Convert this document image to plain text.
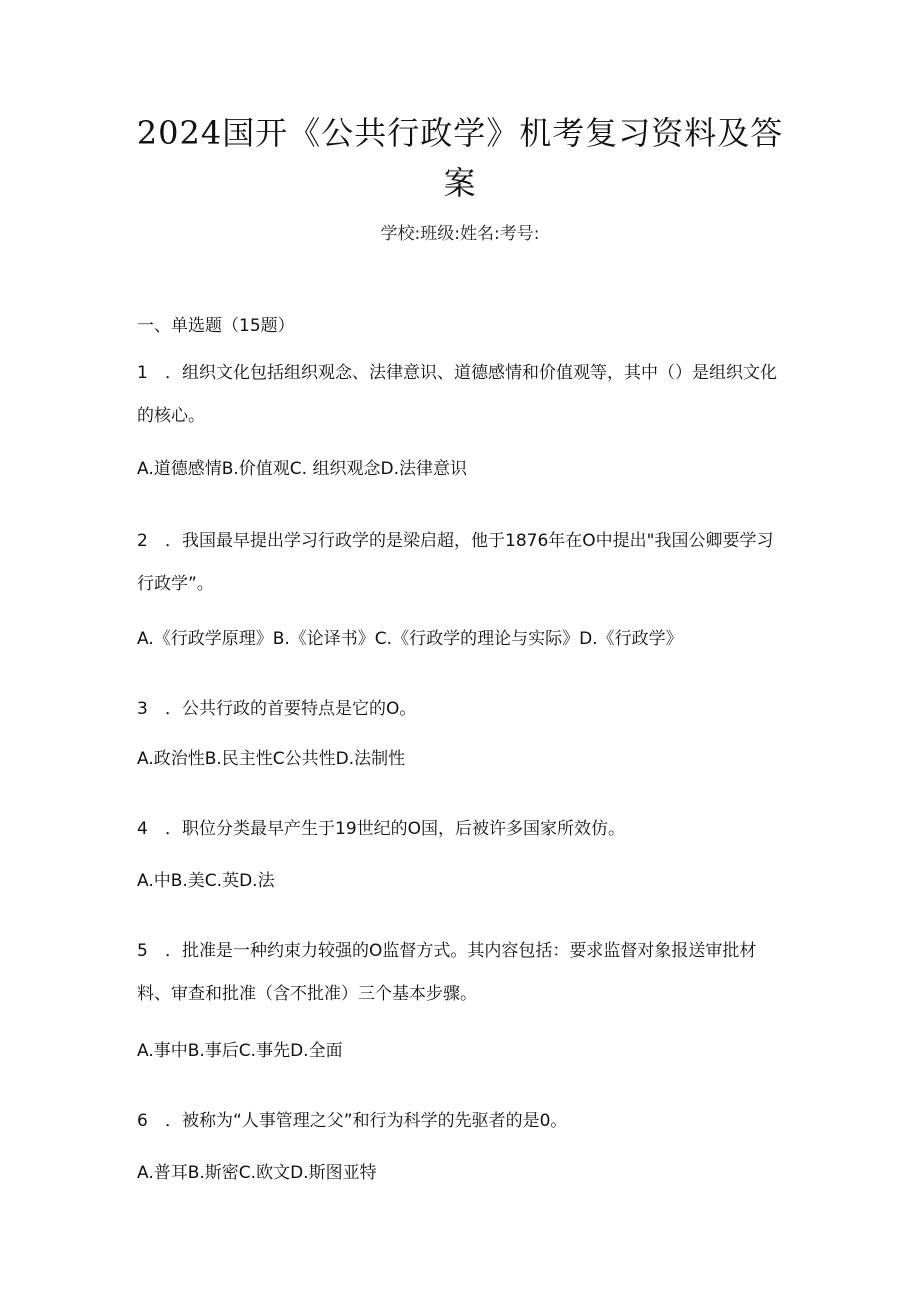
2024国开《公共行政学》机考复习资料及答案
学校:班级:姓名:考号:
一、单选题（15题）

1 ．组织文化包括组织观念、法律意识、道德感情和价值观等，其中（）是组织文化的核心。

A.道德感情B.价值观C. 组织观念D.法律意识

2 ．我国最早提出学习行政学的是梁启超，他于1876年在O中提出"我国公卿要学习行政学”。

A.《行政学原理》B.《论译书》C.《行政学的理论与实际》D.《行政学》

3 ．公共行政的首要特点是它的O。

A.政治性B.民主性C公共性D.法制性

4 ．职位分类最早产生于19世纪的O国，后被许多国家所效仿。

A.中B.美C.英D.法

5 ．批准是一种约束力较强的O监督方式。其内容包括：要求监督对象报送审批材料、审查和批准（含不批准）三个基本步骤。

A.事中B.事后C.事先D.全面

6 ．被称为“人事管理之父”和行为科学的先驱者的是0。

A.普耳B.斯密C.欧文D.斯图亚特
